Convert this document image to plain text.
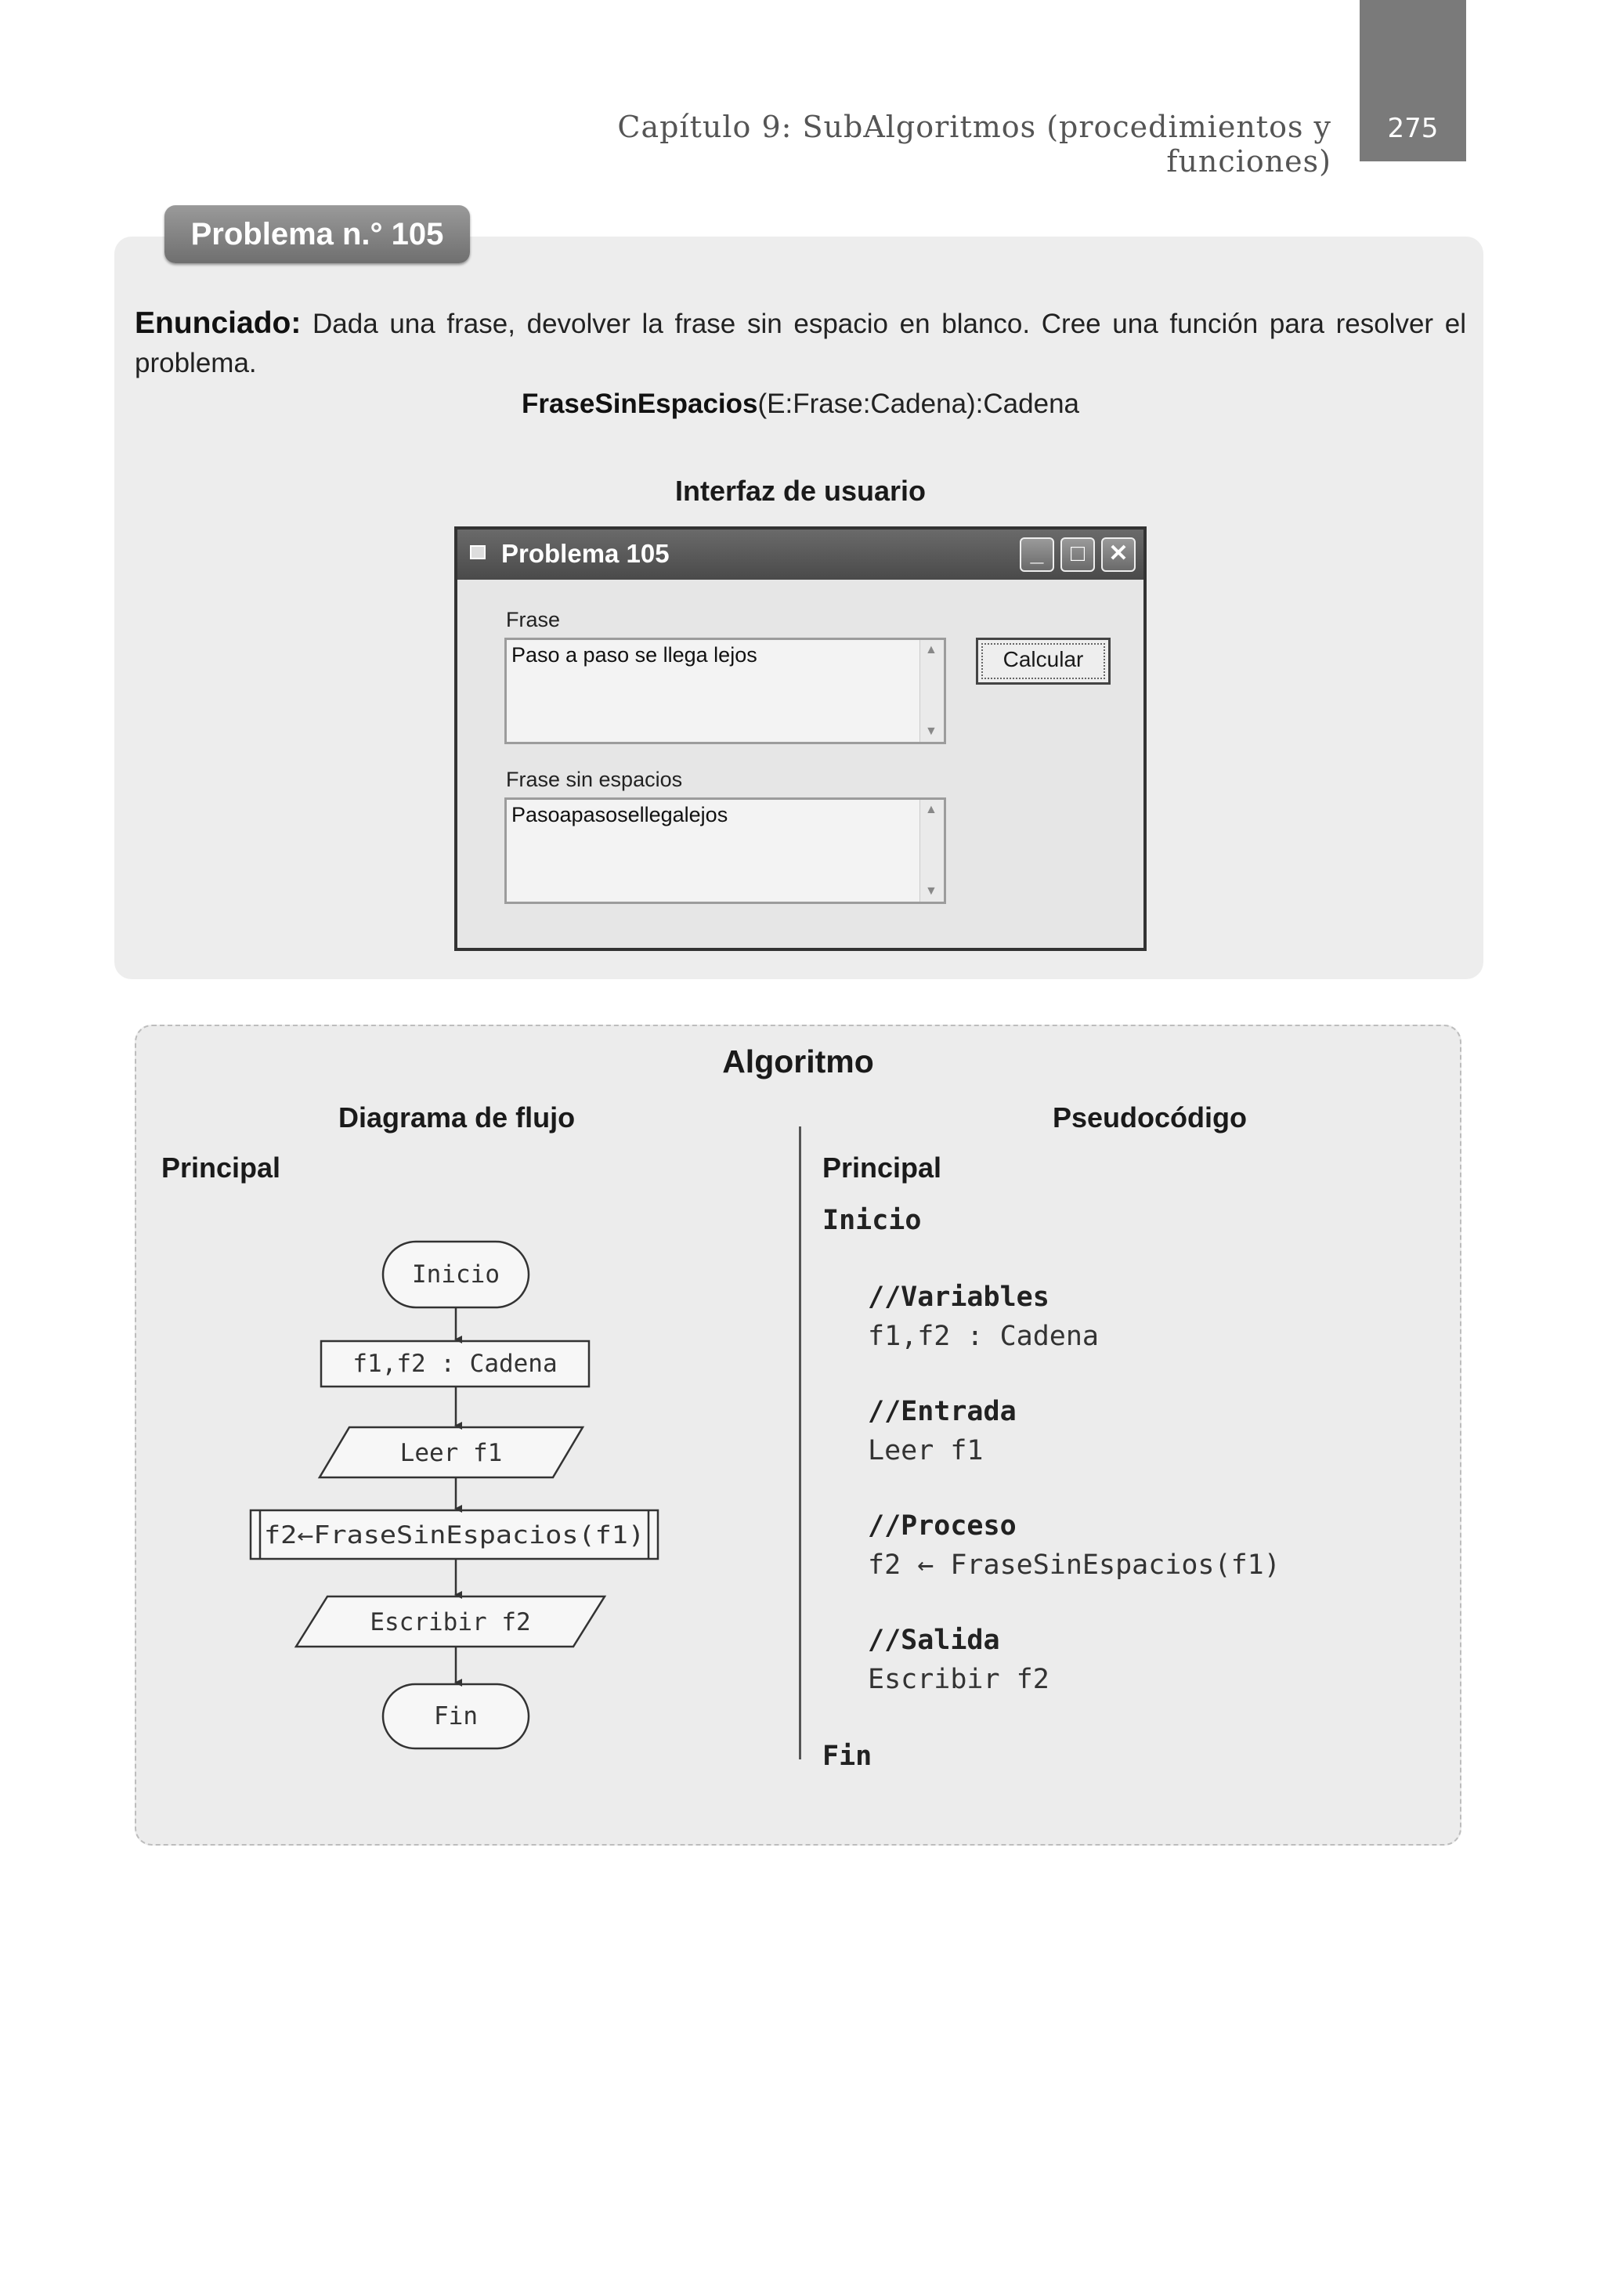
Capítulo 9: SubAlgoritmos (procedimientos y funciones)
275
Problema n.° 105
Enunciado: Dada una frase, devolver la frase sin espacio en blanco. Cree una función para resolver el problema.
FraseSinEspacios(E:Frase:Cadena):Cadena
Interfaz de usuario
Problema 105	_	□	✕
Frase
Paso a paso se llega lejos	▲
▼
Calcular
Frase sin espacios
Pasoapasosellegalejos	▲
▼
Algoritmo
Diagrama de flujo	Pseudocódigo
Principal	Principal
Inicio
f1,f2 : Cadena
Leer f1
f2←FraseSinEspacios(f1)
Escribir f2
Fin
Inicio
//Variables
f1,f2 : Cadena
//Entrada
Leer f1
//Proceso
f2 ← FraseSinEspacios(f1)
//Salida
Escribir f2
Fin
